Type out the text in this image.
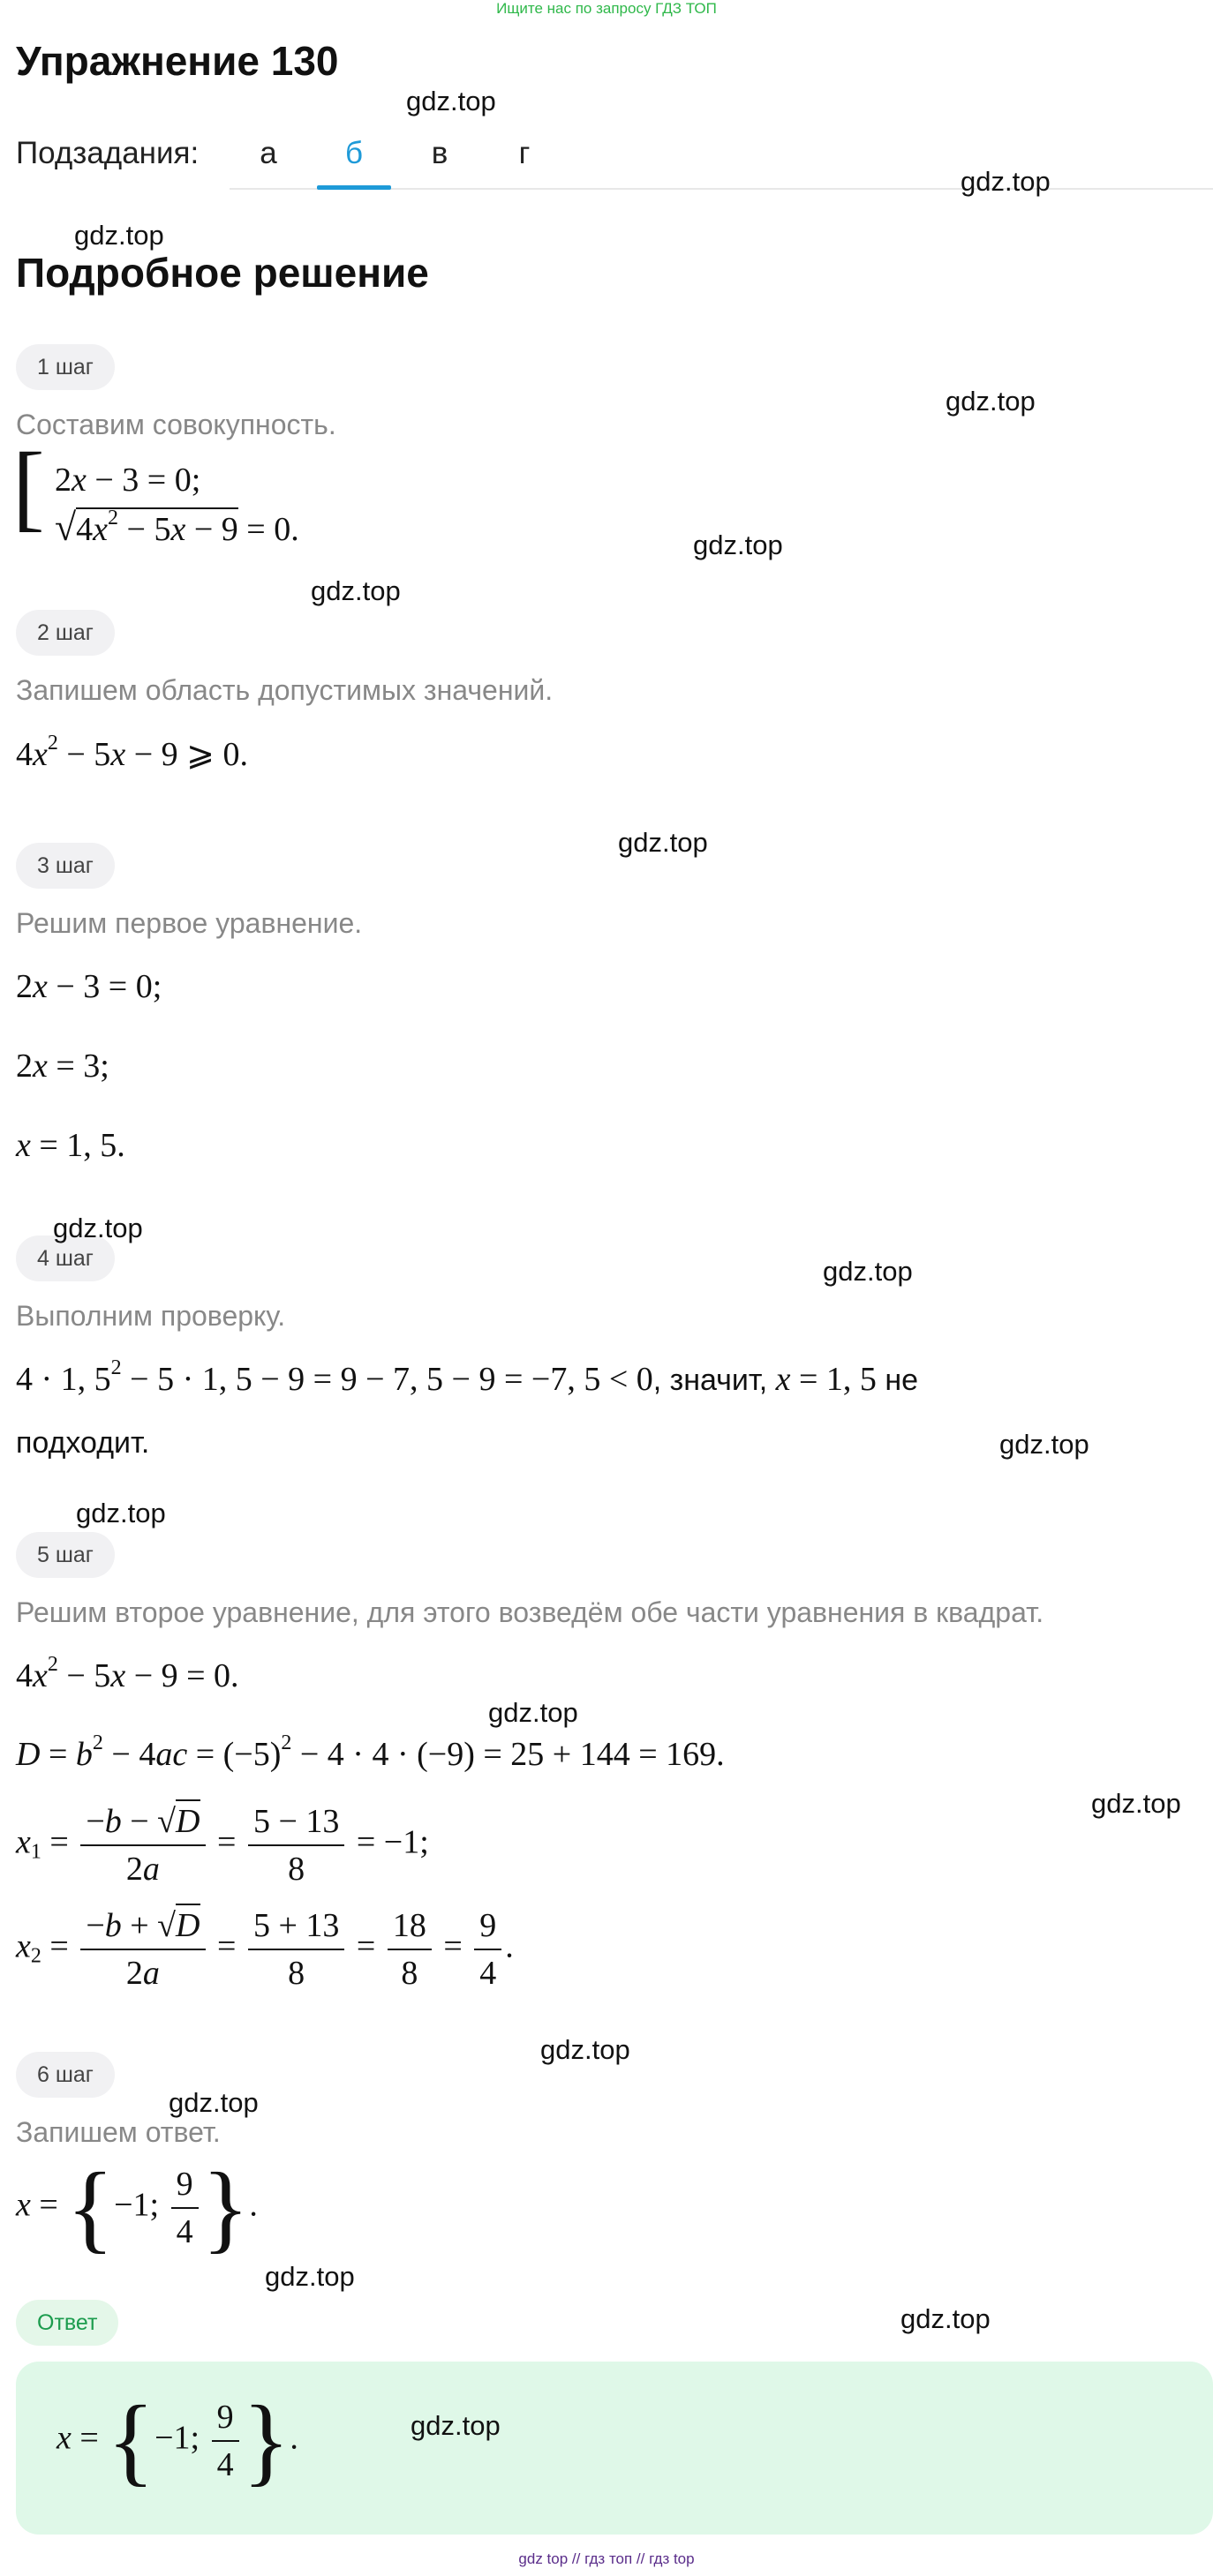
Ищите нас по запросу ГДЗ ТОП
Упражнение 130
Подзадания:	а	б	в	г
Подробное решение
1 шаг
Составим совокупность.
[ 2x − 3 = 0;
$√4x^2 - 5x - 9 = 0$.
2 шаг
Запишем область допустимых значений.
$4x^2 - 5x - 9$ ⩾ 0.
3 шаг
Решим первое уравнение.
2x − 3 = 0;
2x = 3;
x = 1, 5.
4 шаг
Выполним проверку.
4 · 1, $5^2 - 5 \cdot 1$, 5 − 9 = 9 − 7, 5 − 9 = −7, 5 < 0, значит, x = 1, 5 не
подходит.
5 шаг
Решим второе уравнение, для этого возведём обе части уравнения в квадрат.
$4x^2 - 5x - 9 = 0$.
$D = b^2 - 4ac = (-5)^2 - 4 \cdot 4 \cdot (-9) = 25 + 144 = 169$.
$x_1 = \frac{-b - √D}{2a} = \frac{5 - 13}{8} = -1$;
$x_2 = \frac{-b + √D}{2a} = \frac{5 + 13}{8} = \frac{18}{8} = \frac{9}{4}$ .
6 шаг
Запишем ответ.
x = {−1; $\frac{9}{4}$ }.
Ответ
x = {−1; $\frac{9}{4}$ }.
gdz.top
gdz.top
gdz.top
gdz.top
gdz.top
gdz.top
gdz.top
gdz.top
gdz.top
gdz.top
gdz.top
gdz.top
gdz.top
gdz.top
gdz.top
gdz.top
gdz.top
gdz.top
gdz top // гдз топ // гдз top
